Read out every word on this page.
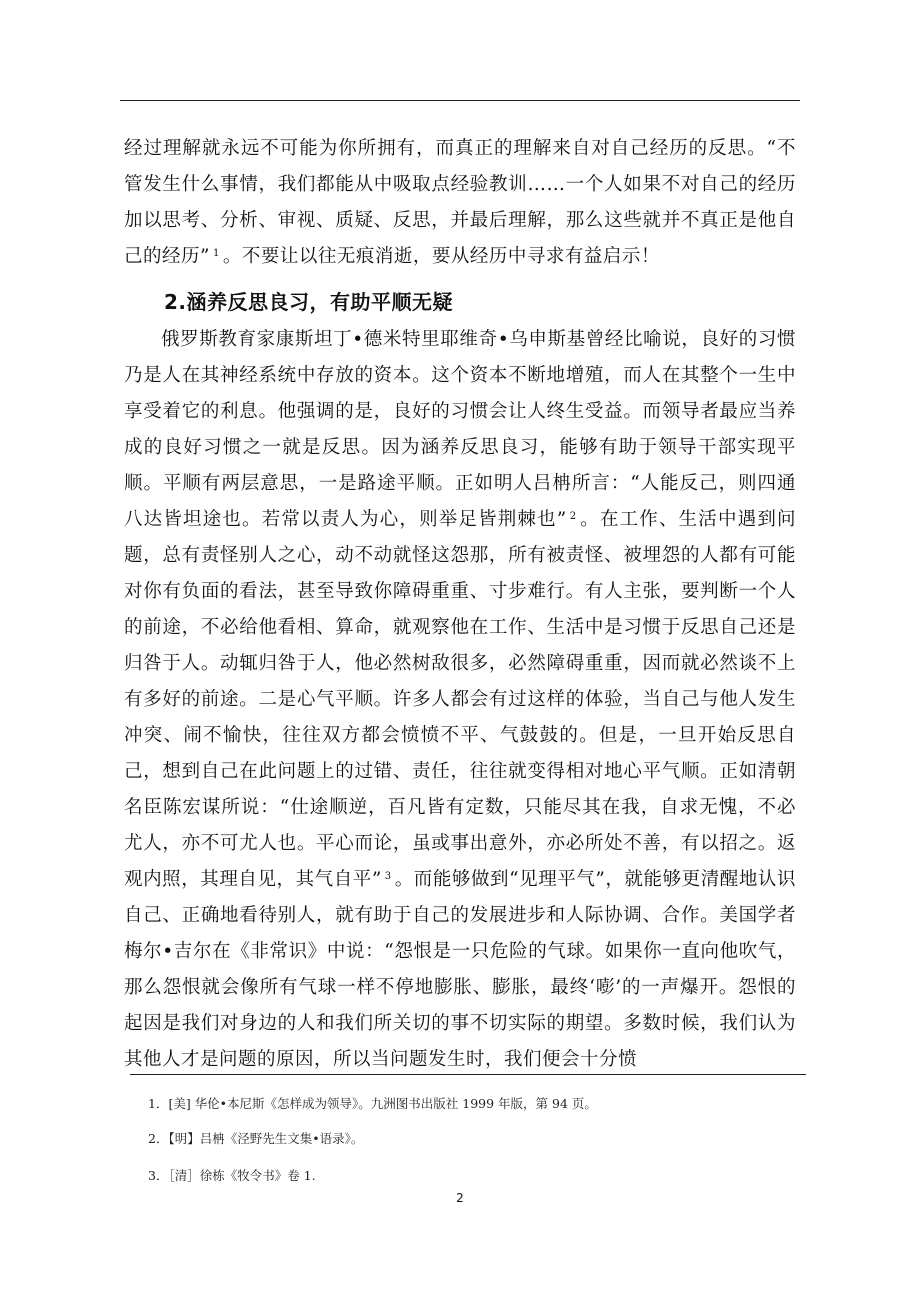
经过理解就永远不可能为你所拥有，而真正的理解来自对自己经历的反思。“不管发生什么事情，我们都能从中吸取点经验教训……一个人如果不对自己的经历加以思考、分析、审视、质疑、反思，并最后理解，那么这些就并不真正是他自己的经历” $^1$ 。不要让以往无痕消逝，要从经历中寻求有益启示！
2.涵养反思良习，有助平顺无疑
俄罗斯教育家康斯坦丁•德米特里耶维奇•乌申斯基曾经比喻说，良好的习惯乃是人在其神经系统中存放的资本。这个资本不断地增殖，而人在其整个一生中享受着它的利息。他强调的是，良好的习惯会让人终生受益。而领导者最应当养成的良好习惯之一就是反思。因为涵养反思良习，能够有助于领导干部实现平顺。平顺有两层意思，一是路途平顺。正如明人吕柟所言：“人能反己，则四通八达皆坦途也。若常以责人为心，则举足皆荆棘也” $^2$ 。在工作、生活中遇到问题，总有责怪别人之心，动不动就怪这怨那，所有被责怪、被埋怨的人都有可能对你有负面的看法，甚至导致你障碍重重、寸步难行。有人主张，要判断一个人的前途，不必给他看相、算命，就观察他在工作、生活中是习惯于反思自己还是归咎于人。动辄归咎于人，他必然树敌很多，必然障碍重重，因而就必然谈不上有多好的前途。二是心气平顺。许多人都会有过这样的体验，当自己与他人发生冲突、闹不愉快，往往双方都会愤愤不平、气鼓鼓的。但是，一旦开始反思自己，想到自己在此问题上的过错、责任，往往就变得相对地心平气顺。正如清朝名臣陈宏谋所说：“仕途顺逆，百凡皆有定数，只能尽其在我，自求无愧，不必尤人，亦不可尤人也。平心而论，虽或事出意外，亦必所处不善，有以招之。返观内照，其理自见，其气自平” $^3$ 。而能够做到“见理平气”，就能够更清醒地认识自己、正确地看待别人，就有助于自己的发展进步和人际协调、合作。美国学者梅尔•吉尔在《非常识》中说：“怨恨是一只危险的气球。如果你一直向他吹气，那么怨恨就会像所有气球一样不停地膨胀、膨胀，最终‘嘭’的一声爆开。怨恨的起因是我们对身边的人和我们所关切的事不切实际的期望。多数时候，我们认为其他人才是问题的原因，所以当问题发生时，我们便会十分愤
1．[美] 华伦•本尼斯《怎样成为领导》。九洲图书出版社 1999 年版，第 94 页。
2．【明】吕柟《泾野先生文集•语录》。
3．［清］徐栋《牧令书》卷 1.
2
